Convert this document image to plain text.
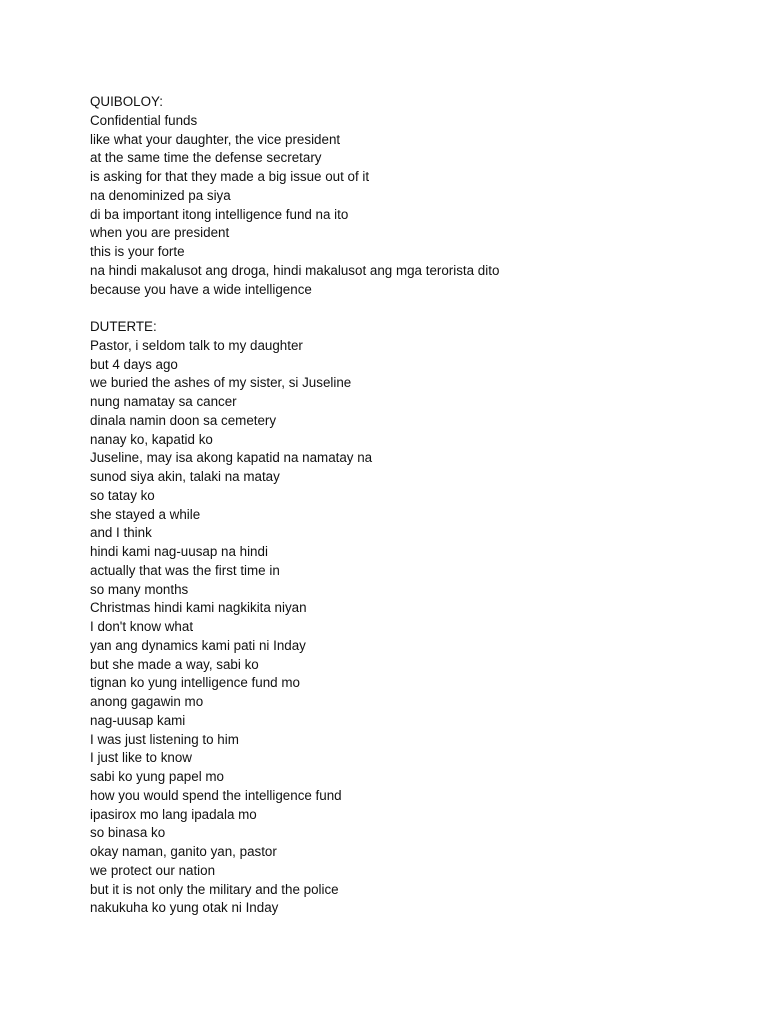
QUIBOLOY:
Confidential funds
like what your daughter, the vice president
at the same time the defense secretary
is asking for that they made a big issue out of it
na denominized pa siya
di ba important itong intelligence fund na ito
when you are president
this is your forte
na hindi makalusot ang droga, hindi makalusot ang mga terorista dito
because you have a wide intelligence
DUTERTE:
Pastor, i seldom talk to my daughter
but 4 days ago
we buried the ashes of my sister, si Juseline
nung namatay sa cancer
dinala namin doon sa cemetery
nanay ko, kapatid ko
Juseline, may isa akong kapatid na namatay na
sunod siya akin, talaki na matay
so tatay ko
she stayed a while
and I think
hindi kami nag-uusap na hindi
actually that was the first time in
so many months
Christmas hindi kami nagkikita niyan
I don't know what
yan ang dynamics kami pati ni Inday
but she made a way, sabi ko
tignan ko yung intelligence fund mo
anong gagawin mo
nag-uusap kami
I was just listening to him
I just like to know
sabi ko yung papel mo
how you would spend the intelligence fund
ipasirox mo lang ipadala mo
so binasa ko
okay naman, ganito yan, pastor
we protect our nation
but it is not only the military and the police
nakukuha ko yung otak ni Inday
